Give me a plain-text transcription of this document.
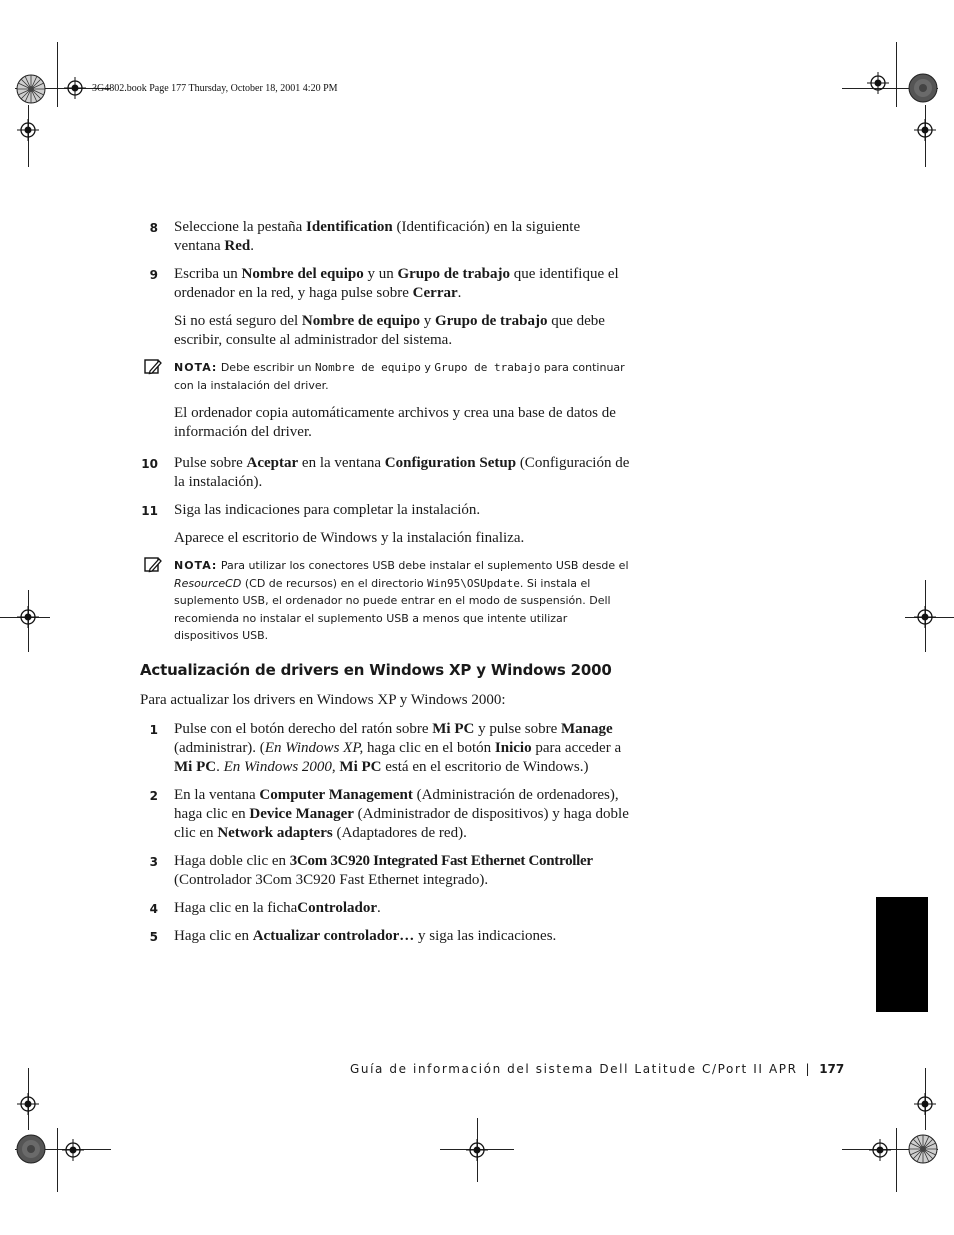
3G4802.book Page 177 Thursday, October 18, 2001 4:20 PM
8 Seleccione la pestaña Identification (Identificación) en la siguiente ventana Red.
9 Escriba un Nombre del equipo y un Grupo de trabajo que identifique el ordenador en la red, y haga pulse sobre Cerrar.
Si no está seguro del Nombre de equipo y Grupo de trabajo que debe escribir, consulte al administrador del sistema.
NOTA: Debe escribir un Nombre de equipo y Grupo de trabajo para continuar con la instalación del driver.
El ordenador copia automáticamente archivos y crea una base de datos de información del driver.
10 Pulse sobre Aceptar en la ventana Configuration Setup (Configuración de la instalación).
11 Siga las indicaciones para completar la instalación.
Aparece el escritorio de Windows y la instalación finaliza.
NOTA: Para utilizar los conectores USB debe instalar el suplemento USB desde el ResourceCD (CD de recursos) en el directorio Win95\OSUpdate. Si instala el suplemento USB, el ordenador no puede entrar en el modo de suspensión. Dell recomienda no instalar el suplemento USB a menos que intente utilizar dispositivos USB.
Actualización de drivers en Windows XP y Windows 2000
Para actualizar los drivers en Windows XP y Windows 2000:
1 Pulse con el botón derecho del ratón sobre Mi PC y pulse sobre Manage (administrar). (En Windows XP, haga clic en el botón Inicio para acceder a Mi PC. En Windows 2000, Mi PC está en el escritorio de Windows.)
2 En la ventana Computer Management (Administración de ordenadores), haga clic en Device Manager (Administrador de dispositivos) y haga doble clic en Network adapters (Adaptadores de red).
3 Haga doble clic en 3Com 3C920 Integrated Fast Ethernet Controller (Controlador 3Com 3C920 Fast Ethernet integrado).
4 Haga clic en la fichaControlador.
5 Haga clic en Actualizar controlador… y siga las indicaciones.
Guía de información del sistema Dell Latitude C/Port II APR | 177
